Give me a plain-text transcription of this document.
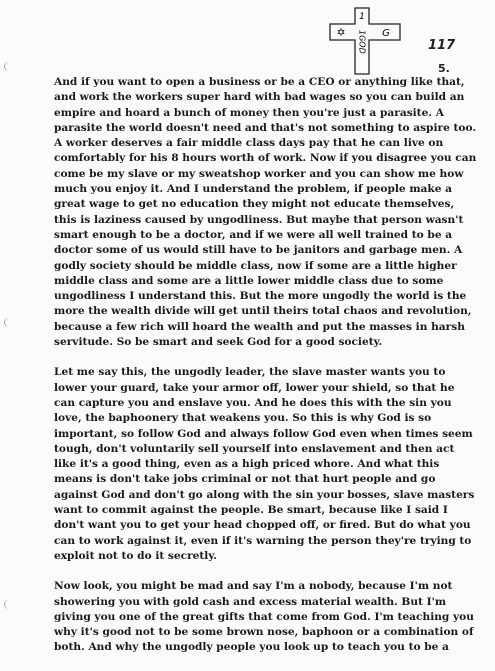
1
✡	G
1GOD	117
5.

And if you want to open a business or be a CEO or anything like that, and work the workers super hard with bad wages so you can build an empire and hoard a bunch of money then you're just a parasite. A parasite the world doesn't need and that's not something to aspire too. A worker deserves a fair middle class days pay that he can live on comfortably for his 8 hours worth of work. Now if you disagree you can come be my slave or my sweatshop worker and you can show me how much you enjoy it. And I understand the problem, if people make a great wage to get no education they might not educate themselves, this is laziness caused by ungodliness. But maybe that person wasn't smart enough to be a doctor, and if we were all well trained to be a doctor some of us would still have to be janitors and garbage men. A godly society should be middle class, now if some are a little higher middle class and some are a little lower middle class due to some ungodliness I understand this. But the more ungodly the world is the more the wealth divide will get until theirs total chaos and revolution, because a few rich will hoard the wealth and put the masses in harsh servitude. So be smart and seek God for a good society.

Let me say this, the ungodly leader, the slave master wants you to lower your guard, take your armor off, lower your shield, so that he can capture you and enslave you. And he does this with the sin you love, the baphoonery that weakens you. So this is why God is so important, so follow God and always follow God even when times seem tough, don't voluntarily sell yourself into enslavement and then act like it's a good thing, even as a high priced whore. And what this means is don't take jobs criminal or not that hurt people and go against God and don't go along with the sin your bosses, slave masters want to commit against the people. Be smart, because like I said I don't want you to get your head chopped off, or fired. But do what you can to work against it, even if it's warning the person they're trying to exploit not to do it secretly.

Now look, you might be mad and say I'm a nobody, because I'm not showering you with gold cash and excess material wealth. But I'm giving you one of the great gifts that come from God. I'm teaching you why it's good not to be some brown nose, baphoon or a combination of both. And why the ungodly people you look up to teach you to be a
